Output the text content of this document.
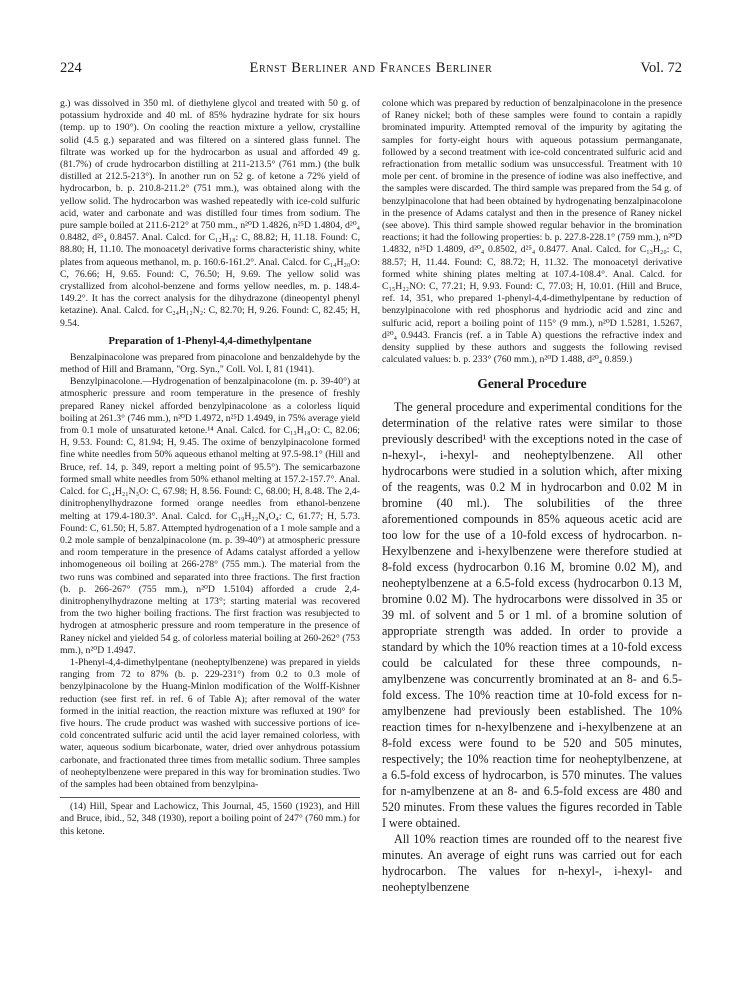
224	Ernst Berliner and Frances Berliner	Vol. 72

g.) was dissolved in 350 ml. of diethylene glycol and treated with 50 g. of potassium hydroxide and 40 ml. of 85% hydrazine hydrate for six hours (temp. up to 190°). On cooling the reaction mixture a yellow, crystalline solid (4.5 g.) separated and was filtered on a sintered glass funnel. The filtrate was worked up for the hydrocarbon as usual and afforded 49 g. (81.7%) of crude hydrocarbon distilling at 211-213.5° (761 mm.) (the bulk distilled at 212.5-213°). In another run on 52 g. of ketone a 72% yield of hydrocarbon, b. p. 210.8-211.2° (751 mm.), was obtained along with the yellow solid. The hydrocarbon was washed repeatedly with ice-cold sulfuric acid, water and carbonate and was distilled four times from sodium. The pure sample boiled at 211.6-212° at 750 mm., n²⁰D 1.4826, n²⁵D 1.4804, d²⁰₄ 0.8482, d²⁵₄ 0.8457. Anal. Calcd. for C₁₂H₁₈: C, 88.82; H, 11.18. Found: C, 88.80; H, 11.10. The monoacetyl derivative forms characteristic shiny, white plates from aqueous methanol, m. p. 160.6-161.2°. Anal. Calcd. for C₁₄H₂₀O: C, 76.66; H, 9.65. Found: C, 76.50; H, 9.69. The yellow solid was crystallized from alcohol-benzene and forms yellow needles, m. p. 148.4-149.2°. It has the correct analysis for the dihydrazone (dineopentyl phenyl ketazine). Anal. Calcd. for C₂₄H₁₂N₂: C, 82.70; H, 9.26. Found: C, 82.45; H, 9.54.

Preparation of 1-Phenyl-4,4-dimethylpentane

Benzalpinacolone was prepared from pinacolone and benzaldehyde by the method of Hill and Bramann, "Org. Syn.," Coll. Vol. I, 81 (1941).

Benzylpinacolone.—Hydrogenation of benzalpinacolone (m. p. 39-40°) at atmospheric pressure and room temperature in the presence of freshly prepared Raney nickel afforded benzylpinacolone as a colorless liquid boiling at 261.3° (746 mm.), n²⁰D 1.4972, n²⁵D 1.4949, in 75% average yield from 0.1 mole of unsaturated ketone.¹⁴ Anal. Calcd. for C₁₃H₁₈O: C, 82.06; H, 9.53. Found: C, 81.94; H, 9.45. The oxime of benzylpinacolone formed fine white needles from 50% aqueous ethanol melting at 97.5-98.1° (Hill and Bruce, ref. 14, p. 349, report a melting point of 95.5°). The semicarbazone formed small white needles from 50% ethanol melting at 157.2-157.7°. Anal. Calcd. for C₁₄H₂₁N₃O: C, 67.98; H, 8.56. Found: C, 68.00; H, 8.48. The 2,4-dinitrophenylhydrazone formed orange needles from ethanol-benzene melting at 179.4-180.3°. Anal. Calcd. for C₁₉H₂₂N₄O₄: C, 61.77; H, 5.73. Found: C, 61.50; H, 5.87. Attempted hydrogenation of a 1 mole sample and a 0.2 mole sample of benzalpinacolone (m. p. 39-40°) at atmospheric pressure and room temperature in the presence of Adams catalyst afforded a yellow inhomogeneous oil boiling at 266-278° (755 mm.). The material from the two runs was combined and separated into three fractions. The first fraction (b. p. 266-267° (755 mm.), n²⁰D 1.5104) afforded a crude 2,4-dinitrophenylhydrazone melting at 173°; starting material was recovered from the two higher boiling fractions. The first fraction was resubjected to hydrogen at atmospheric pressure and room temperature in the presence of Raney nickel and yielded 54 g. of colorless material boiling at 260-262° (753 mm.), n²⁰D 1.4947.

1-Phenyl-4,4-dimethylpentane (neoheptylbenzene) was prepared in yields ranging from 72 to 87% (b. p. 229-231°) from 0.2 to 0.3 mole of benzylpinacolone by the Huang-Minlon modification of the Wolff-Kishner reduction (see first ref. in ref. 6 of Table A); after removal of the water formed in the initial reaction, the reaction mixture was refluxed at 190° for five hours. The crude product was washed with successive portions of ice-cold concentrated sulfuric acid until the acid layer remained colorless, with water, aqueous sodium bicarbonate, water, dried over anhydrous potassium carbonate, and fractionated three times from metallic sodium. Three samples of neoheptylbenzene were prepared in this way for bromination studies. Two of the samples had been obtained from benzylpina-

(14) Hill, Spear and Lachowicz, This Journal, 45, 1560 (1923), and Hill and Bruce, ibid., 52, 348 (1930), report a boiling point of 247° (760 mm.) for this ketone.

colone which was prepared by reduction of benzalpinacolone in the presence of Raney nickel; both of these samples were found to contain a rapidly brominated impurity. Attempted removal of the impurity by agitating the samples for forty-eight hours with aqueous potassium permanganate, followed by a second treatment with ice-cold concentrated sulfuric acid and refractionation from metallic sodium was unsuccessful. Treatment with 10 mole per cent. of bromine in the presence of iodine was also ineffective, and the samples were discarded. The third sample was prepared from the 54 g. of benzylpinacolone that had been obtained by hydrogenating benzalpinacolone in the presence of Adams catalyst and then in the presence of Raney nickel (see above). This third sample showed regular behavior in the bromination reactions; it had the following properties: b. p. 227.8-228.1° (759 mm.), n²⁰D 1.4832, n²⁵D 1.4809, d²⁰₄ 0.8502, d²⁵₄ 0.8477. Anal. Calcd. for C₁₃H₂₀: C, 88.57; H, 11.44. Found: C, 88.72; H, 11.32. The monoacetyl derivative formed white shining plates melting at 107.4-108.4°. Anal. Calcd. for C₁₅H₂₂NO: C, 77.21; H, 9.93. Found: C, 77.03; H, 10.01. (Hill and Bruce, ref. 14, 351, who prepared 1-phenyl-4,4-dimethylpentane by reduction of benzylpinacolone with red phosphorus and hydriodic acid and zinc and sulfuric acid, report a boiling point of 115° (9 mm.), n²⁰D 1.5281, 1.5267, d²⁰₄ 0.9443. Francis (ref. a in Table A) questions the refractive index and density supplied by these authors and suggests the following revised calculated values: b. p. 233° (760 mm.), n²⁰D 1.488, d²⁰₄ 0.859.)

General Procedure

The general procedure and experimental conditions for the determination of the relative rates were similar to those previously described¹ with the exceptions noted in the case of n-hexyl-, i-hexyl- and neoheptylbenzene. All other hydrocarbons were studied in a solution which, after mixing of the reagents, was 0.2 M in hydrocarbon and 0.02 M in bromine (40 ml.). The solubilities of the three aforementioned compounds in 85% aqueous acetic acid are too low for the use of a 10-fold excess of hydrocarbon. n-Hexylbenzene and i-hexylbenzene were therefore studied at 8-fold excess (hydrocarbon 0.16 M, bromine 0.02 M), and neoheptylbenzene at a 6.5-fold excess (hydrocarbon 0.13 M, bromine 0.02 M). The hydrocarbons were dissolved in 35 or 39 ml. of solvent and 5 or 1 ml. of a bromine solution of appropriate strength was added. In order to provide a standard by which the 10% reaction times at a 10-fold excess could be calculated for these three compounds, n-amylbenzene was concurrently brominated at an 8- and 6.5-fold excess. The 10% reaction time at 10-fold excess for n-amylbenzene had previously been established. The 10% reaction times for n-hexylbenzene and i-hexylbenzene at an 8-fold excess were found to be 520 and 505 minutes, respectively; the 10% reaction time for neoheptylbenzene, at a 6.5-fold excess of hydrocarbon, is 570 minutes. The values for n-amylbenzene at an 8- and 6.5-fold excess are 480 and 520 minutes. From these values the figures recorded in Table I were obtained.

All 10% reaction times are rounded off to the nearest five minutes. An average of eight runs was carried out for each hydrocarbon. The values for n-hexyl-, i-hexyl- and neoheptylbenzene
